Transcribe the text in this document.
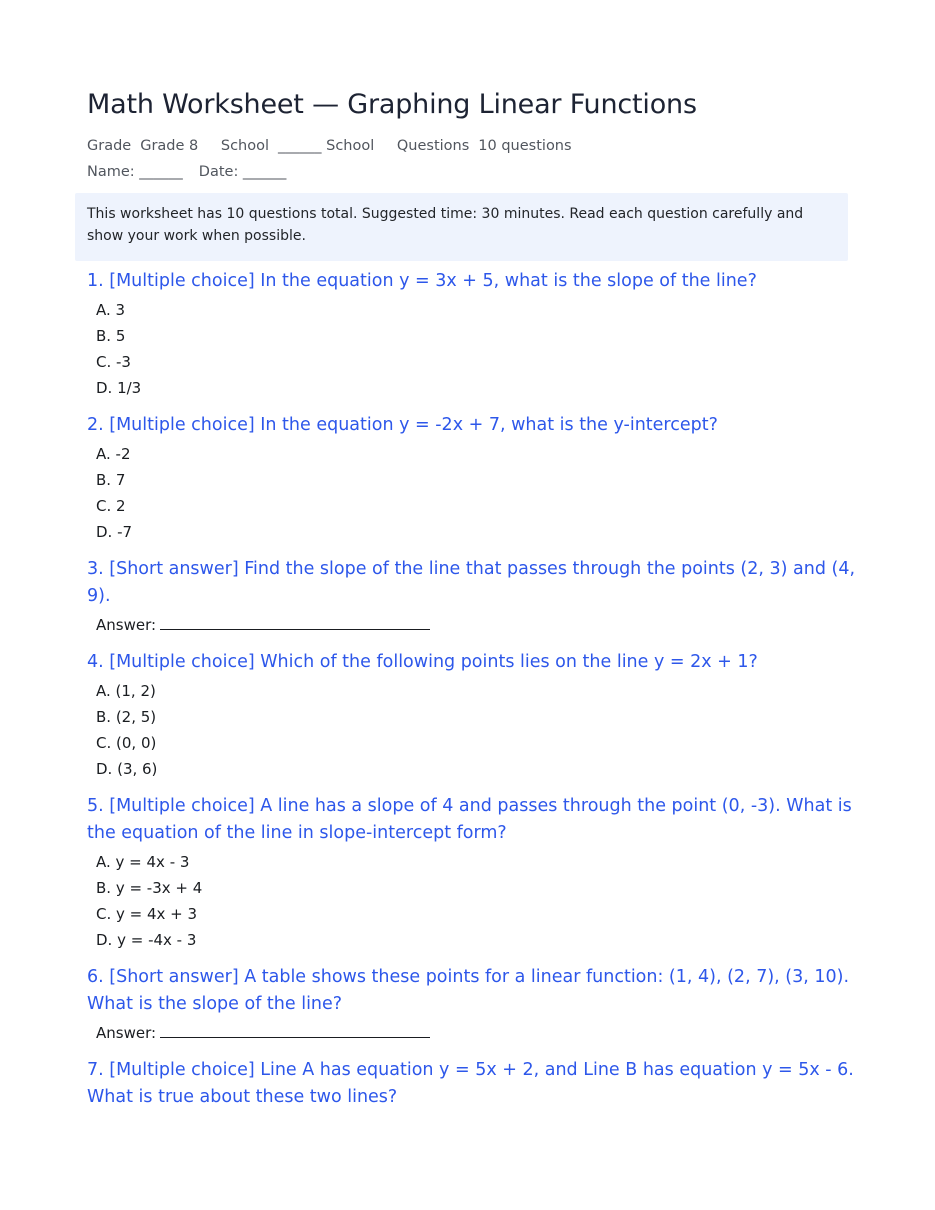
Math Worksheet — Graphing Linear Functions
Grade Grade 8 School ______ School Questions 10 questions
Name: ______ Date: ______
This worksheet has 10 questions total. Suggested time: 30 minutes. Read each question carefully and show your work when possible.

1. [Multiple choice] In the equation y = 3x + 5, what is the slope of the line?

A. 3
B. 5
C. -3
D. 1/3

2. [Multiple choice] In the equation y = -2x + 7, what is the y-intercept?

A. -2
B. 7
C. 2
D. -7

3. [Short answer] Find the slope of the line that passes through the points (2, 3) and (4, 9).

Answer:

4. [Multiple choice] Which of the following points lies on the line y = 2x + 1?

A. (1, 2)
B. (2, 5)
C. (0, 0)
D. (3, 6)

5. [Multiple choice] A line has a slope of 4 and passes through the point (0, -3). What is the equation of the line in slope-intercept form?

A. y = 4x - 3
B. y = -3x + 4
C. y = 4x + 3
D. y = -4x - 3

6. [Short answer] A table shows these points for a linear function: (1, 4), (2, 7), (3, 10). What is the slope of the line?

Answer:

7. [Multiple choice] Line A has equation y = 5x + 2, and Line B has equation y = 5x - 6. What is true about these two lines?
